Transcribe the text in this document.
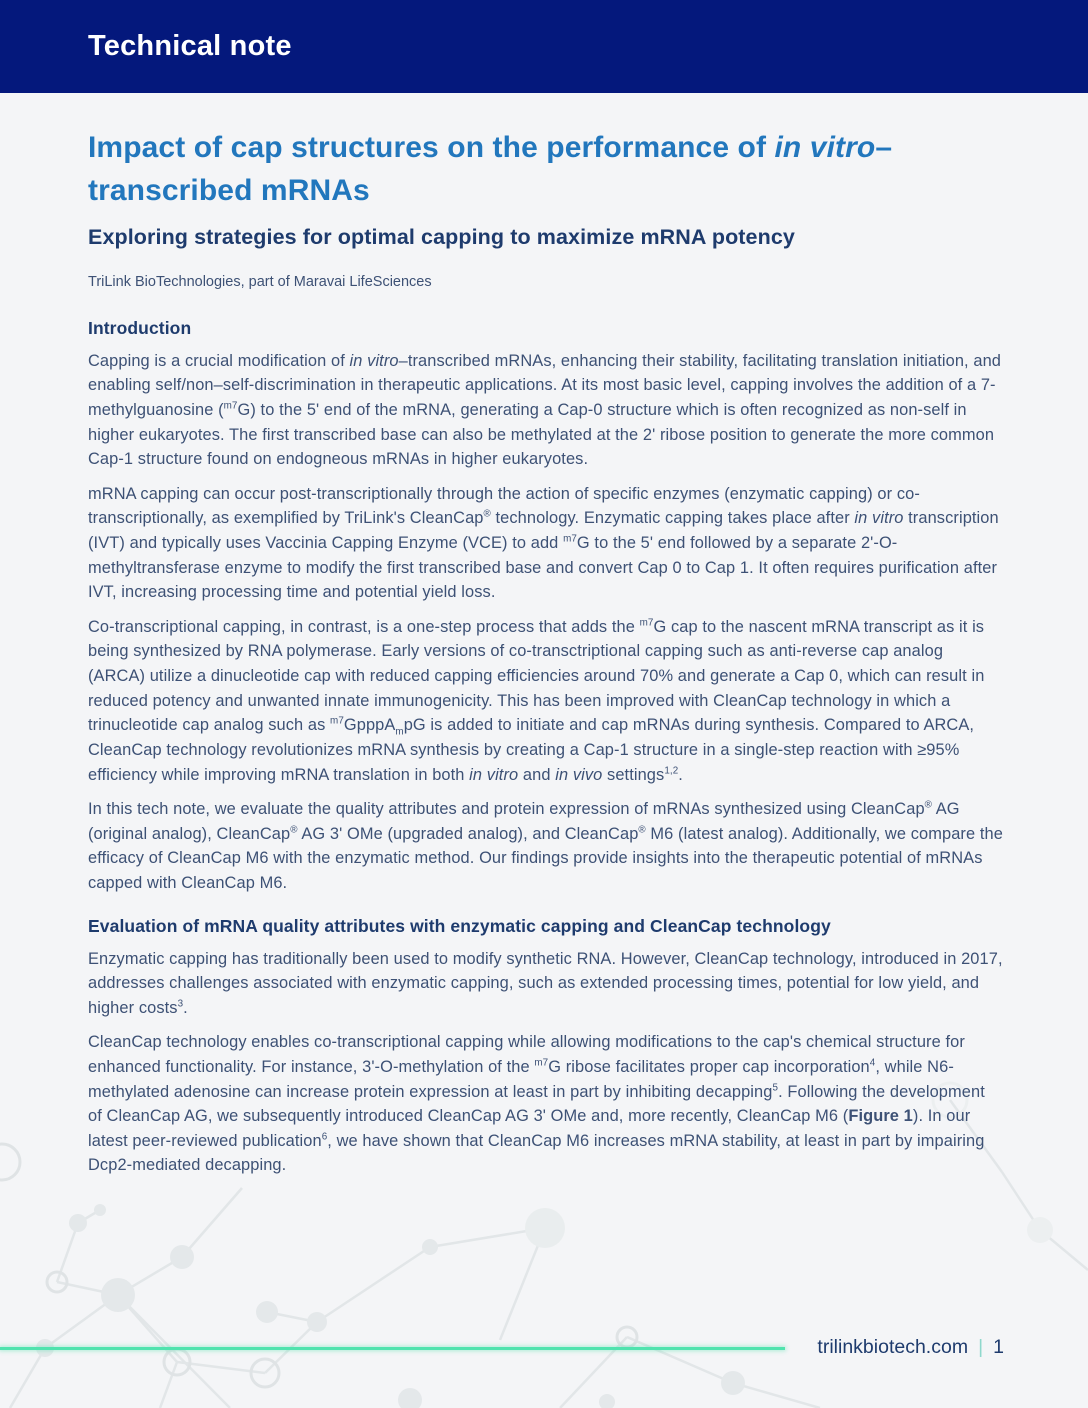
Technical note
Impact of cap structures on the performance of in vitro–transcribed mRNAs
Exploring strategies for optimal capping to maximize mRNA potency

TriLink BioTechnologies, part of Maravai LifeSciences

Introduction

Capping is a crucial modification of in vitro–transcribed mRNAs, enhancing their stability, facilitating translation initiation, and enabling self/non–self-discrimination in therapeutic applications. At its most basic level, capping involves the addition of a 7-methylguanosine ($^{m7}$G) to the 5' end of the mRNA, generating a Cap-0 structure which is often recognized as non-self in higher eukaryotes. The first transcribed base can also be methylated at the 2' ribose position to generate the more common Cap-1 structure found on endogneous mRNAs in higher eukaryotes.

mRNA capping can occur post-transcriptionally through the action of specific enzymes (enzymatic capping) or co-transcriptionally, as exemplified by TriLink's CleanCap® technology. Enzymatic capping takes place after in vitro transcription (IVT) and typically uses Vaccinia Capping Enzyme (VCE) to add $^{m7}$G to the 5' end followed by a separate 2'-O-methyltransferase enzyme to modify the first transcribed base and convert Cap 0 to Cap 1. It often requires purification after IVT, increasing processing time and potential yield loss.

Co-transcriptional capping, in contrast, is a one-step process that adds the $^{m7}$G cap to the nascent mRNA transcript as it is being synthesized by RNA polymerase. Early versions of co-transctriptional capping such as anti-reverse cap analog (ARCA) utilize a dinucleotide cap with reduced capping efficiencies around 70% and generate a Cap 0, which can result in reduced potency and unwanted innate immunogenicity. This has been improved with CleanCap technology in which a trinucleotide cap analog such as $^{m7}$GpppA$_m$pG is added to initiate and cap mRNAs during synthesis. Compared to ARCA, CleanCap technology revolutionizes mRNA synthesis by creating a Cap-1 structure in a single-step reaction with ≥95% efficiency while improving mRNA translation in both in vitro and in vivo settings$^{1,2}$.

In this tech note, we evaluate the quality attributes and protein expression of mRNAs synthesized using CleanCap® AG (original analog), CleanCap® AG 3' OMe (upgraded analog), and CleanCap® M6 (latest analog). Additionally, we compare the efficacy of CleanCap M6 with the enzymatic method. Our findings provide insights into the therapeutic potential of mRNAs capped with CleanCap M6.

Evaluation of mRNA quality attributes with enzymatic capping and CleanCap technology

Enzymatic capping has traditionally been used to modify synthetic RNA. However, CleanCap technology, introduced in 2017, addresses challenges associated with enzymatic capping, such as extended processing times, potential for low yield, and higher costs$^3$.

CleanCap technology enables co-transcriptional capping while allowing modifications to the cap's chemical structure for enhanced functionality. For instance, 3'-O-methylation of the $^{m7}$G ribose facilitates proper cap incorporation$^4$, while N6-methylated adenosine can increase protein expression at least in part by inhibiting decapping$^5$. Following the development of CleanCap AG, we subsequently introduced CleanCap AG 3' OMe and, more recently, CleanCap M6 (Figure 1). In our latest peer-reviewed publication$^6$, we have shown that CleanCap M6 increases mRNA stability, at least in part by impairing Dcp2-mediated decapping.

trilinkbiotech.com | 1
